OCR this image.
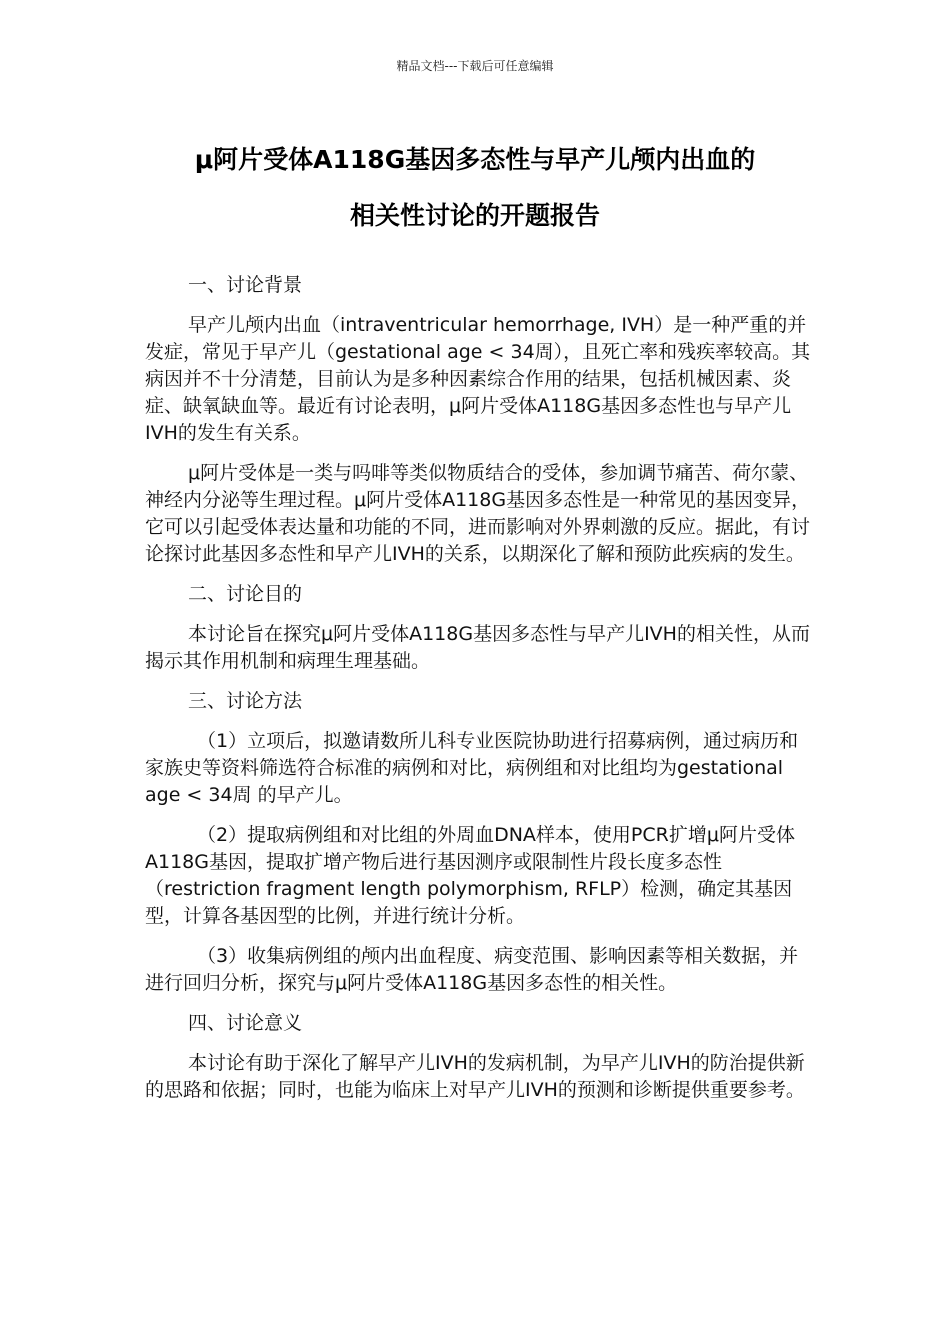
精品文档---下载后可任意编辑
μ阿片受体A118G基因多态性与早产儿颅内出血的
相关性讨论的开题报告

一、讨论背景

早产儿颅内出血（intraventricular hemorrhage, IVH）是一种严重的并发症，常见于早产儿（gestational age < 34周），且死亡率和残疾率较高。其病因并不十分清楚，目前认为是多种因素综合作用的结果，包括机械因素、炎症、缺氧缺血等。最近有讨论表明，μ阿片受体A118G基因多态性也与早产儿IVH的发生有关系。

μ阿片受体是一类与吗啡等类似物质结合的受体，参加调节痛苦、荷尔蒙、神经内分泌等生理过程。μ阿片受体A118G基因多态性是一种常见的基因变异，它可以引起受体表达量和功能的不同，进而影响对外界刺激的反应。据此，有讨论探讨此基因多态性和早产儿IVH的关系，以期深化了解和预防此疾病的发生。

二、讨论目的

本讨论旨在探究μ阿片受体A118G基因多态性与早产儿IVH的相关性，从而揭示其作用机制和病理生理基础。

三、讨论方法

（1）立项后，拟邀请数所儿科专业医院协助进行招募病例，通过病历和家族史等资料筛选符合标准的病例和对比，病例组和对比组均为gestational age < 34周 的早产儿。

（2）提取病例组和对比组的外周血DNA样本，使用PCR扩增μ阿片受体A118G基因，提取扩增产物后进行基因测序或限制性片段长度多态性（restriction fragment length polymorphism, RFLP）检测，确定其基因型，计算各基因型的比例，并进行统计分析。

（3）收集病例组的颅内出血程度、病变范围、影响因素等相关数据，并进行回归分析，探究与μ阿片受体A118G基因多态性的相关性。

四、讨论意义

本讨论有助于深化了解早产儿IVH的发病机制，为早产儿IVH的防治提供新的思路和依据；同时，也能为临床上对早产儿IVH的预测和诊断提供重要参考。
